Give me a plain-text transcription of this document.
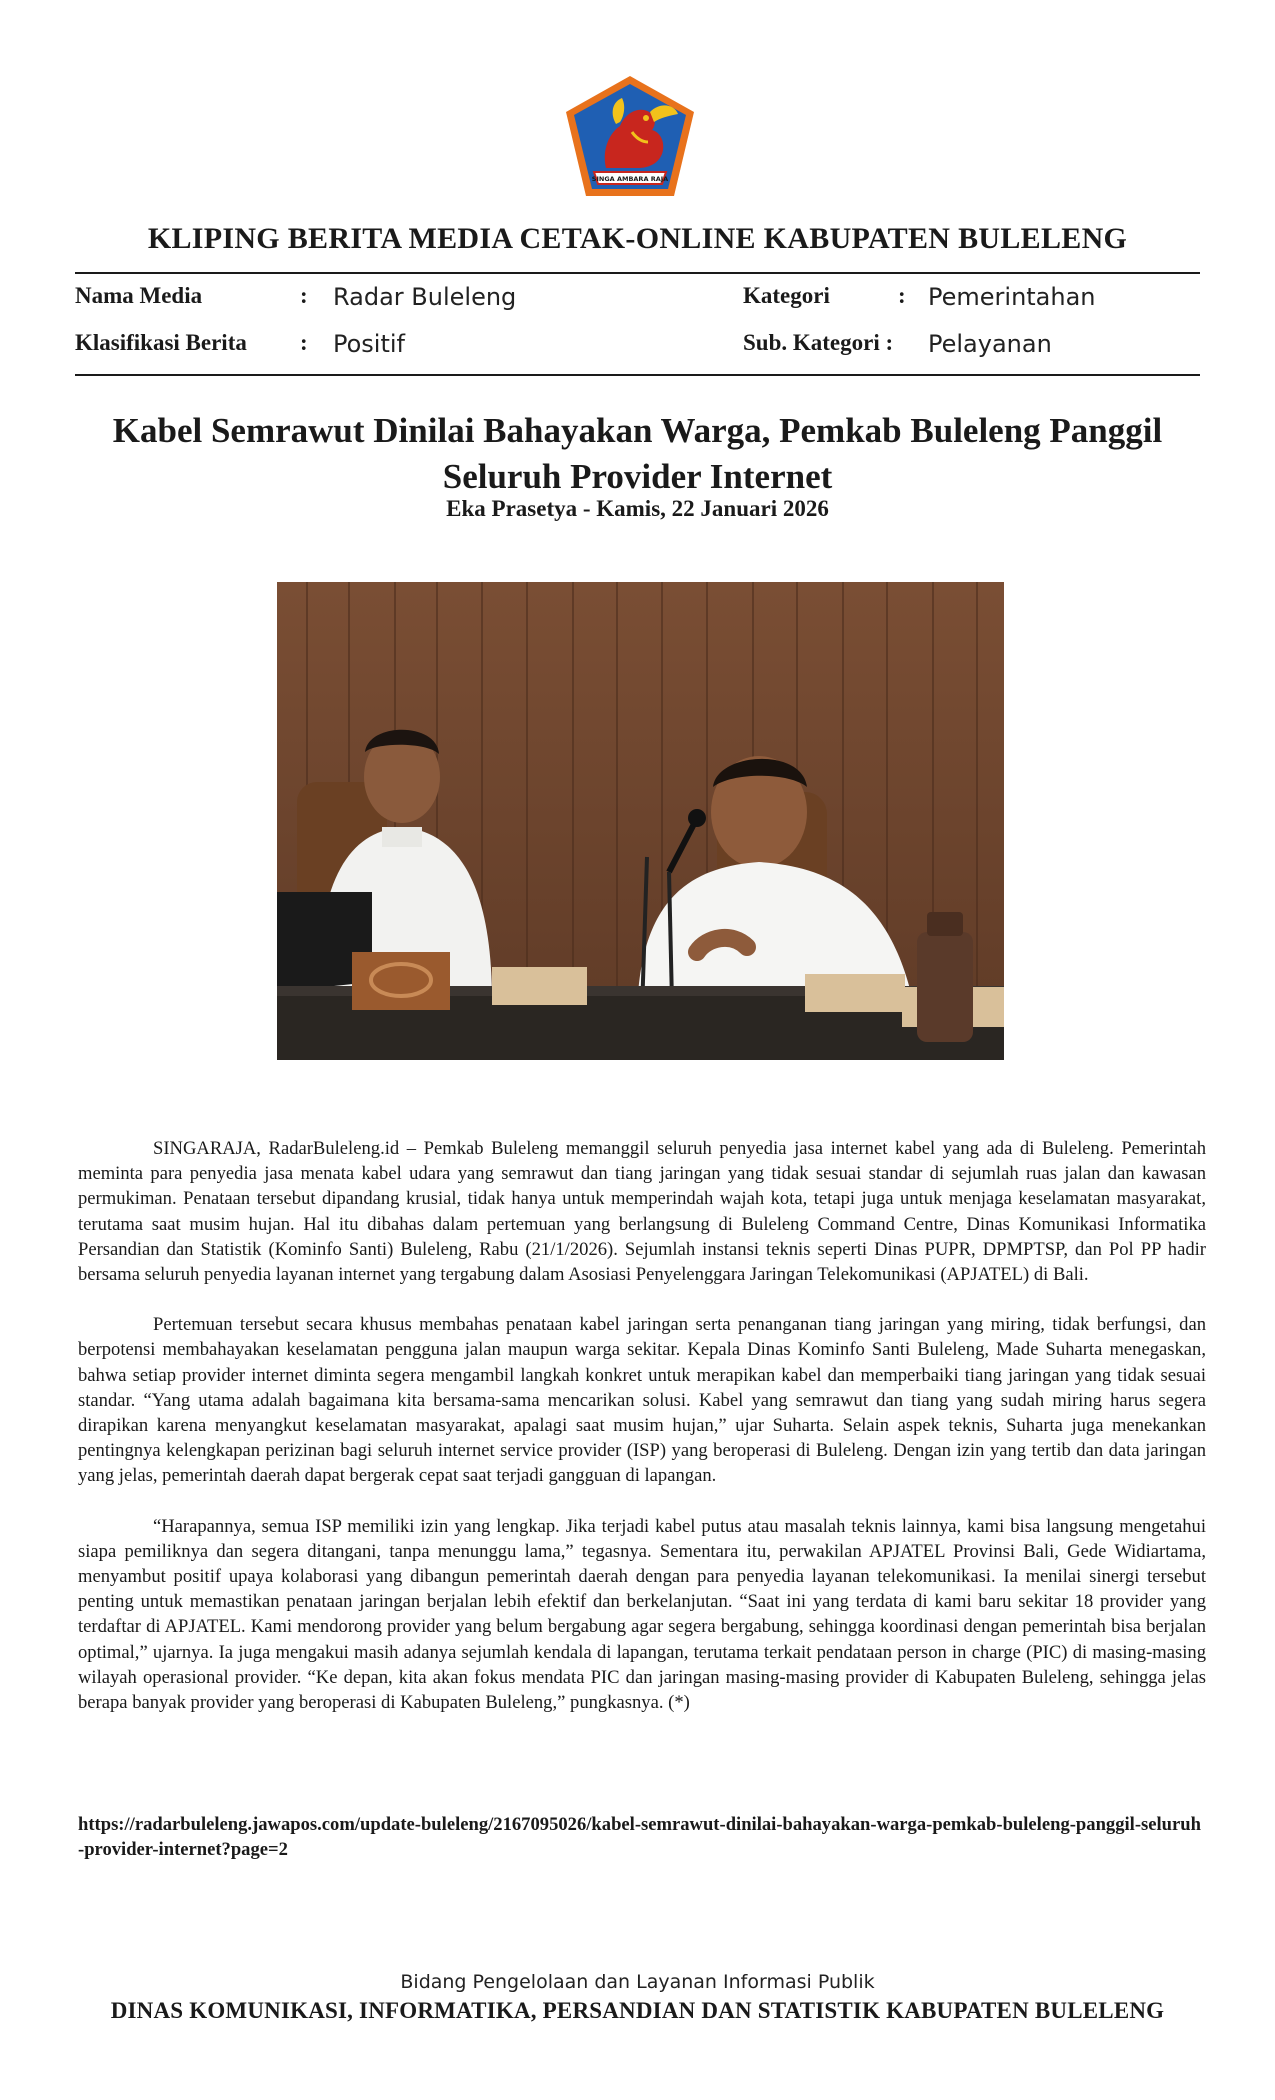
SINGA AMBARA RAJA
KLIPING BERITA MEDIA CETAK-ONLINE KABUPATEN BULELENG
Nama Media	: Radar Buleleng
Klasifikasi Berita : Positif
Kategori	: Pemerintahan
Sub. Kategori : Pelayanan
Kabel Semrawut Dinilai Bahayakan Warga, Pemkab Buleleng Panggil
Seluruh Provider Internet
Eka Prasetya - Kamis, 22 Januari 2026

SINGARAJA, RadarBuleleng.id – Pemkab Buleleng memanggil seluruh penyedia jasa internet kabel yang ada di Buleleng. Pemerintah meminta para penyedia jasa menata kabel udara yang semrawut dan tiang jaringan yang tidak sesuai standar di sejumlah ruas jalan dan kawasan permukiman. Penataan tersebut dipandang krusial, tidak hanya untuk memperindah wajah kota, tetapi juga untuk menjaga keselamatan masyarakat, terutama saat musim hujan. Hal itu dibahas dalam pertemuan yang berlangsung di Buleleng Command Centre, Dinas Komunikasi Informatika Persandian dan Statistik (Kominfo Santi) Buleleng, Rabu (21/1/2026). Sejumlah instansi teknis seperti Dinas PUPR, DPMPTSP, dan Pol PP hadir bersama seluruh penyedia layanan internet yang tergabung dalam Asosiasi Penyelenggara Jaringan Telekomunikasi (APJATEL) di Bali.

Pertemuan tersebut secara khusus membahas penataan kabel jaringan serta penanganan tiang jaringan yang miring, tidak berfungsi, dan berpotensi membahayakan keselamatan pengguna jalan maupun warga sekitar. Kepala Dinas Kominfo Santi Buleleng, Made Suharta menegaskan, bahwa setiap provider internet diminta segera mengambil langkah konkret untuk merapikan kabel dan memperbaiki tiang jaringan yang tidak sesuai standar. “Yang utama adalah bagaimana kita bersama-sama mencarikan solusi. Kabel yang semrawut dan tiang yang sudah miring harus segera dirapikan karena menyangkut keselamatan masyarakat, apalagi saat musim hujan,” ujar Suharta. Selain aspek teknis, Suharta juga menekankan pentingnya kelengkapan perizinan bagi seluruh internet service provider (ISP) yang beroperasi di Buleleng. Dengan izin yang tertib dan data jaringan yang jelas, pemerintah daerah dapat bergerak cepat saat terjadi gangguan di lapangan.

“Harapannya, semua ISP memiliki izin yang lengkap. Jika terjadi kabel putus atau masalah teknis lainnya, kami bisa langsung mengetahui siapa pemiliknya dan segera ditangani, tanpa menunggu lama,” tegasnya. Sementara itu, perwakilan APJATEL Provinsi Bali, Gede Widiartama, menyambut positif upaya kolaborasi yang dibangun pemerintah daerah dengan para penyedia layanan telekomunikasi. Ia menilai sinergi tersebut penting untuk memastikan penataan jaringan berjalan lebih efektif dan berkelanjutan. “Saat ini yang terdata di kami baru sekitar 18 provider yang terdaftar di APJATEL. Kami mendorong provider yang belum bergabung agar segera bergabung, sehingga koordinasi dengan pemerintah bisa berjalan optimal,” ujarnya. Ia juga mengakui masih adanya sejumlah kendala di lapangan, terutama terkait pendataan person in charge (PIC) di masing-masing wilayah operasional provider. “Ke depan, kita akan fokus mendata PIC dan jaringan masing-masing provider di Kabupaten Buleleng, sehingga jelas berapa banyak provider yang beroperasi di Kabupaten Buleleng,” pungkasnya. (*)

https://radarbuleleng.jawapos.com/update-buleleng/2167095026/kabel-semrawut-dinilai-bahayakan-warga-pemkab-buleleng-panggil-seluruh-provider-internet?page=2
Bidang Pengelolaan dan Layanan Informasi Publik
DINAS KOMUNIKASI, INFORMATIKA, PERSANDIAN DAN STATISTIK KABUPATEN BULELENG
